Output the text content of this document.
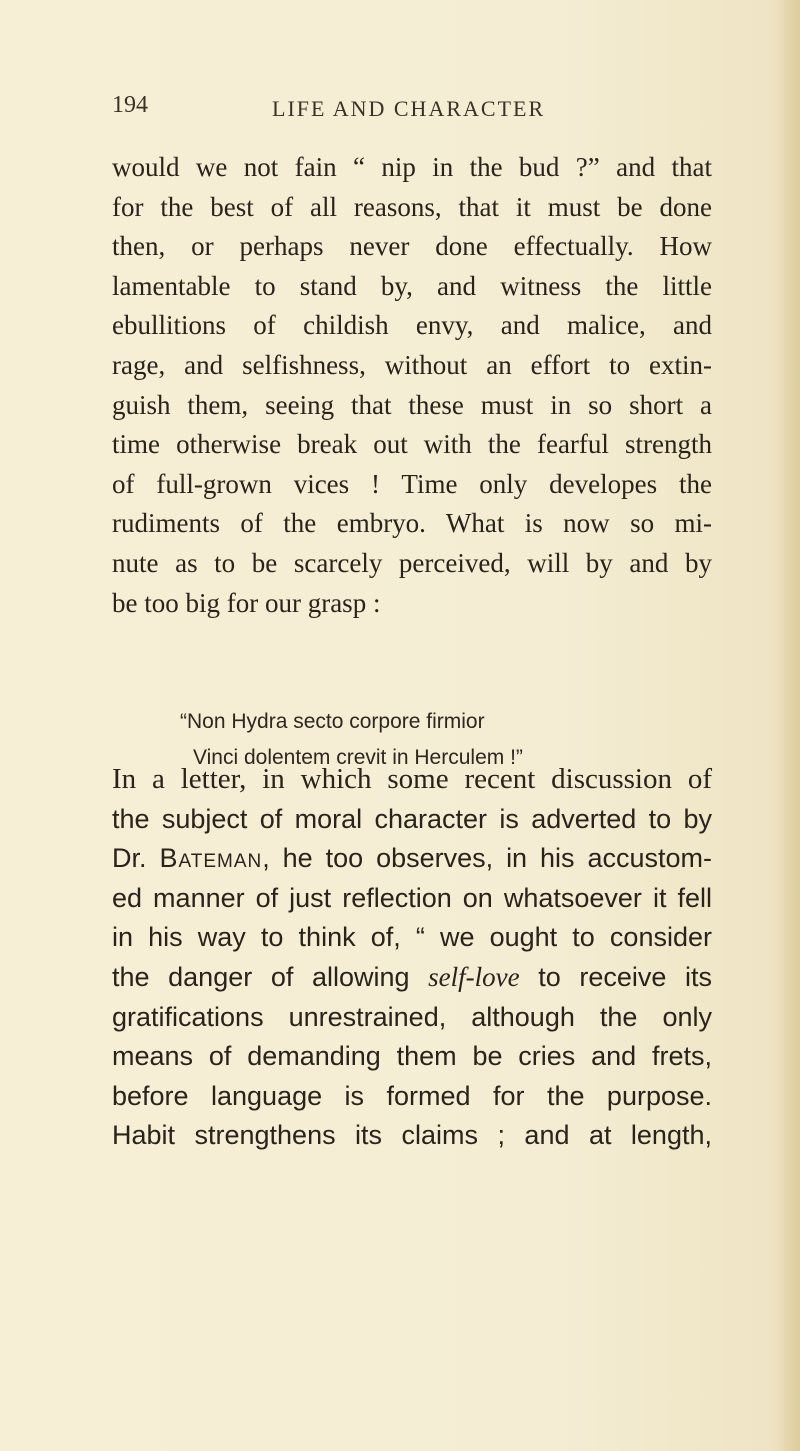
194	LIFE AND CHARACTER
would we not fain “ nip in the bud ?” and that
for the best of all reasons, that it must be done
then, or perhaps never done effectually. How
lamentable to stand by, and witness the little
ebullitions of childish envy, and malice, and
rage, and selfishness, without an effort to extin-
guish them, seeing that these must in so short a
time otherwise break out with the fearful strength
of full-grown vices ! Time only developes the
rudiments of the embryo. What is now so mi-
nute as to be scarcely perceived, will by and by
be too big for our grasp :
“Non Hydra secto corpore firmior
Vinci dolentem crevit in Herculem !”
In a letter, in which some recent discussion of
the subject of moral character is adverted to by
Dr. Bateman, he too observes, in his accustom-
ed manner of just reflection on whatsoever it fell
in his way to think of, “ we ought to consider
the danger of allowing self-love to receive its
gratifications unrestrained, although the only
means of demanding them be cries and frets,
before language is formed for the purpose.
Habit strengthens its claims ; and at length,
